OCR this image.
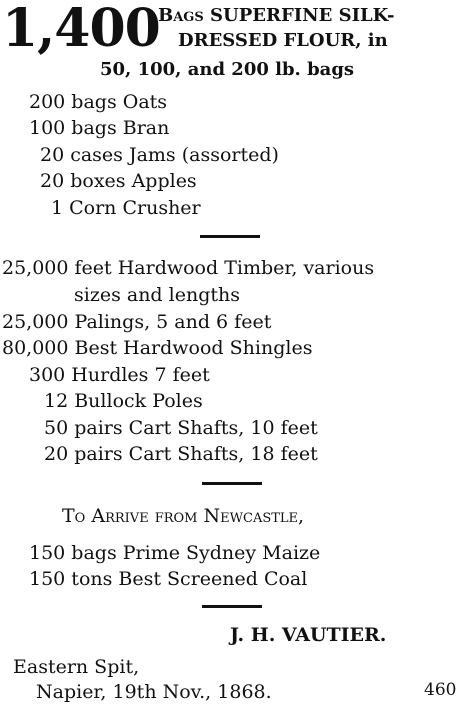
1,400
Bags SUPERFINE SILK-
DRESSED FLOUR, in
50, 100, and 200 lb. bags
200 bags Oats
100 bags Bran
20 cases Jams (assorted)
20 boxes Apples
1 Corn Crusher
25,000 feet Hardwood Timber, various
sizes and lengths
25,000 Palings, 5 and 6 feet
80,000 Best Hardwood Shingles
300 Hurdles 7 feet
12 Bullock Poles
50 pairs Cart Shafts, 10 feet
20 pairs Cart Shafts, 18 feet
To Arrive from Newcastle,
150 bags Prime Sydney Maize
150 tons Best Screened Coal
J. H. VAUTIER.
Eastern Spit,
Napier, 19th Nov., 1868.	460
